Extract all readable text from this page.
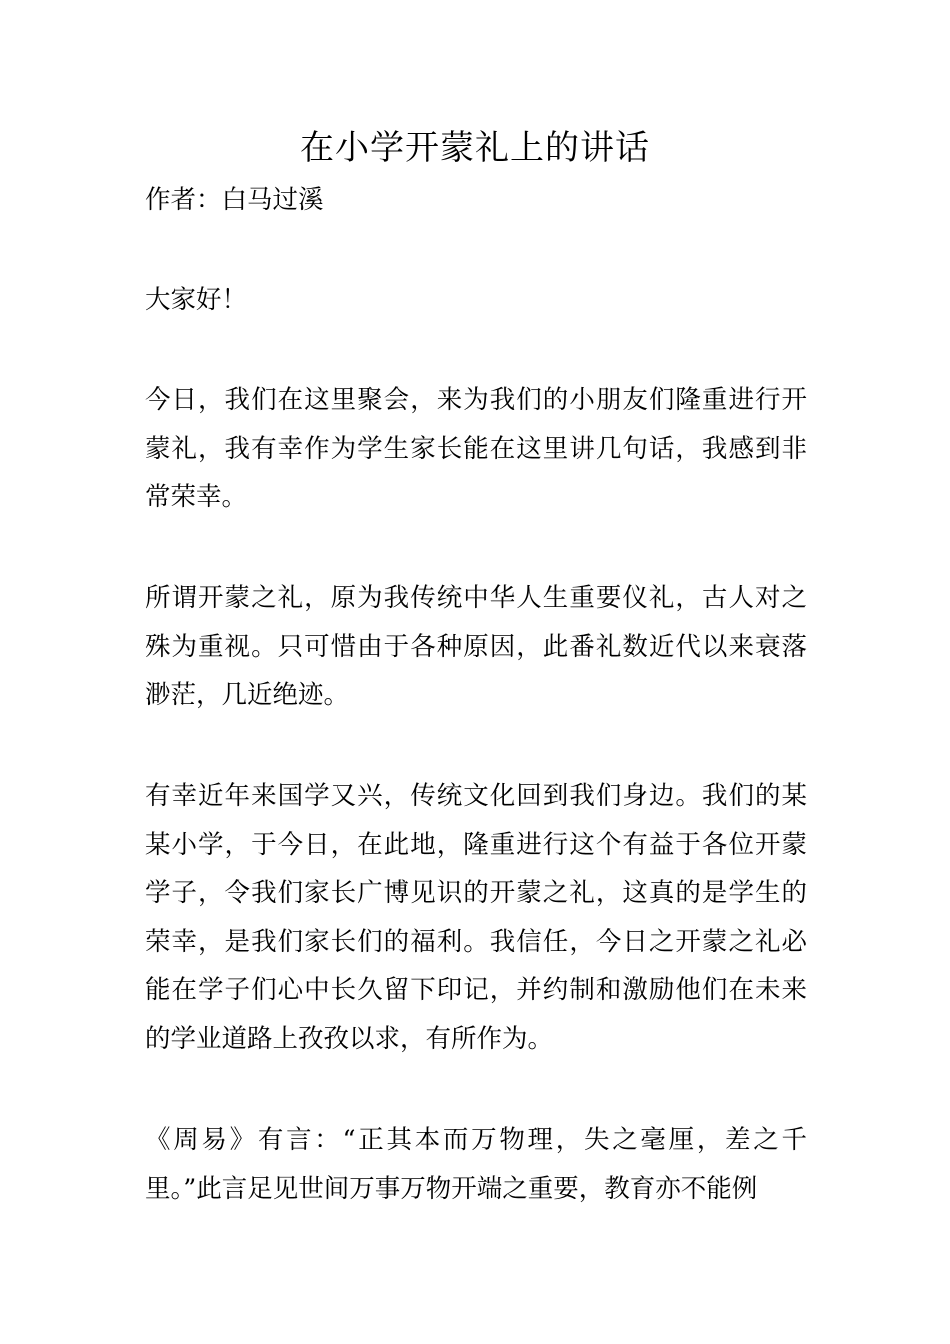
在小学开蒙礼上的讲话

作者：白马过溪

大家好！

今日，我们在这里聚会，来为我们的小朋友们隆重进行开蒙礼，我有幸作为学生家长能在这里讲几句话，我感到非常荣幸。

所谓开蒙之礼，原为我传统中华人生重要仪礼，古人对之殊为重视。只可惜由于各种原因，此番礼数近代以来衰落渺茫，几近绝迹。

有幸近年来国学又兴，传统文化回到我们身边。我们的某某小学，于今日，在此地，隆重进行这个有益于各位开蒙学子，令我们家长广博见识的开蒙之礼，这真的是学生的荣幸，是我们家长们的福利。我信任，今日之开蒙之礼必能在学子们心中长久留下印记，并约制和激励他们在未来的学业道路上孜孜以求，有所作为。

《周易》有言：“正其本而万物理，失之毫厘，差之千里。”此言足见世间万事万物开端之重要，教育亦不能例
